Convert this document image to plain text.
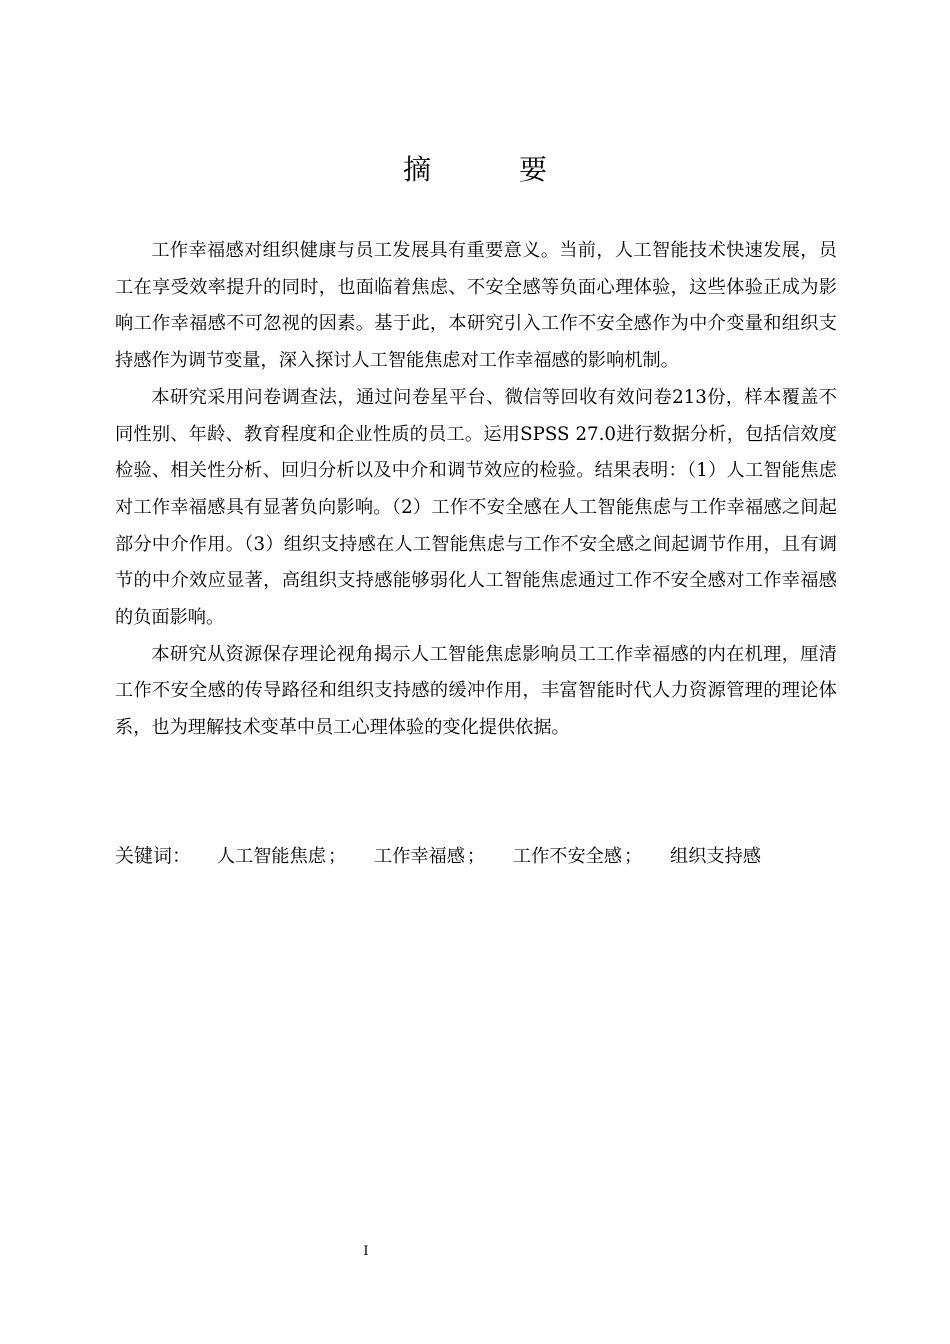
摘　要

工作幸福感对组织健康与员工发展具有重要意义。当前，人工智能技术快速发展，员工在享受效率提升的同时，也面临着焦虑、不安全感等负面心理体验，这些体验正成为影响工作幸福感不可忽视的因素。基于此，本研究引入工作不安全感作为中介变量和组织支持感作为调节变量，深入探讨人工智能焦虑对工作幸福感的影响机制。

本研究采用问卷调查法，通过问卷星平台、微信等回收有效问卷213份，样本覆盖不同性别、年龄、教育程度和企业性质的员工。运用SPSS 27.0进行数据分析，包括信效度检验、相关性分析、回归分析以及中介和调节效应的检验。结果表明：（1）人工智能焦虑对工作幸福感具有显著负向影响。（2）工作不安全感在人工智能焦虑与工作幸福感之间起部分中介作用。（3）组织支持感在人工智能焦虑与工作不安全感之间起调节作用，且有调节的中介效应显著，高组织支持感能够弱化人工智能焦虑通过工作不安全感对工作幸福感的负面影响。

本研究从资源保存理论视角揭示人工智能焦虑影响员工工作幸福感的内在机理，厘清工作不安全感的传导路径和组织支持感的缓冲作用，丰富智能时代人力资源管理的理论体系，也为理解技术变革中员工心理体验的变化提供依据。

关键词： 人工智能焦虑 ； 工作幸福感 ； 工作不安全感 ； 组织支持感
I
